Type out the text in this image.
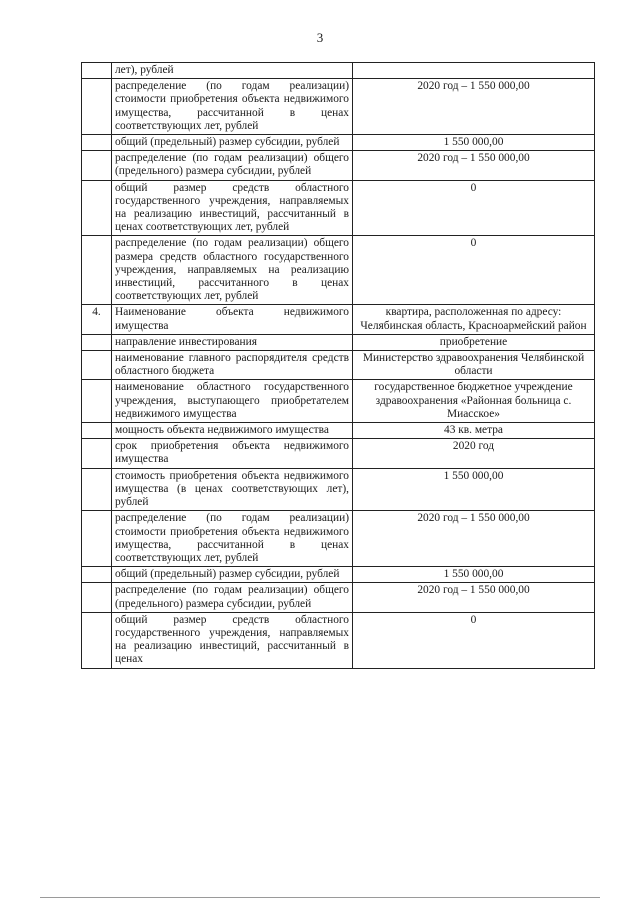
3
	лет), рублей	
	распределение (по годам реализации) стоимости приобретения объекта недвижимого имущества, рассчитанной в ценах соответствующих лет, рублей	2020 год – 1 550 000,00
	общий (предельный) размер субсидии, рублей	1 550 000,00
	распределение (по годам реализации) общего (предельного) размера субсидии, рублей	2020 год – 1 550 000,00
	общий размер средств областного государственного учреждения, направляемых на реализацию инвестиций, рассчитанный в ценах соответствующих лет, рублей	0
	распределение (по годам реализации) общего размера средств областного государственного учреждения, направляемых на реализацию инвестиций, рассчитанного в ценах соответствующих лет, рублей	0
4.	Наименование объекта недвижимого имущества	квартира, расположенная по адресу: Челябинская область, Красноармейский район
	направление инвестирования	приобретение
	наименование главного распорядителя средств областного бюджета	Министерство здравоохранения Челябинской области
	наименование областного государственного учреждения, выступающего приобретателем недвижимого имущества	государственное бюджетное учреждение здравоохранения «Районная больница с. Миасское»
	мощность объекта недвижимого имущества	43 кв. метра
	срок приобретения объекта недвижимого имущества	2020 год
	стоимость приобретения объекта недвижимого имущества (в ценах соответствующих лет), рублей	1 550 000,00
	распределение (по годам реализации) стоимости приобретения объекта недвижимого имущества, рассчитанной в ценах соответствующих лет, рублей	2020 год – 1 550 000,00
	общий (предельный) размер субсидии, рублей	1 550 000,00
	распределение (по годам реализации) общего (предельного) размера субсидии, рублей	2020 год – 1 550 000,00
	общий размер средств областного государственного учреждения, направляемых на реализацию инвестиций, рассчитанный в ценах	0
